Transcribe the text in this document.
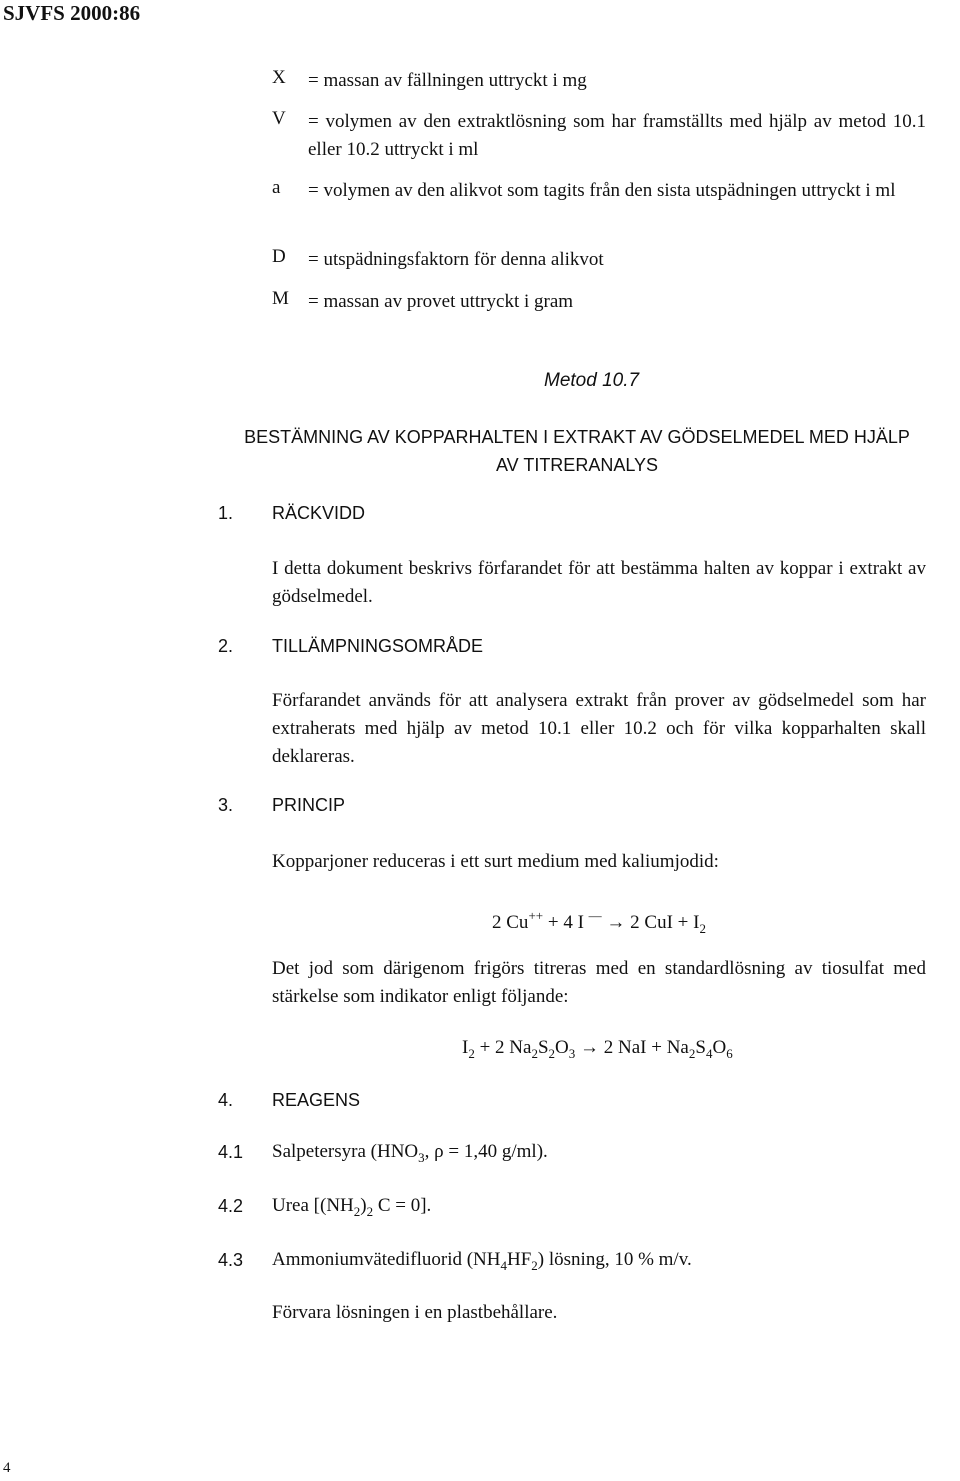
SJVFS 2000:86
X = massan av fällningen uttryckt i mg
V = volymen av den extraktlösning som har framställts med hjälp av metod 10.1 eller 10.2 uttryckt i ml
a = volymen av den alikvot som tagits från den sista utspädningen uttryckt i ml
D = utspädningsfaktorn för denna alikvot
M = massan av provet uttryckt i gram
Metod 10.7
BESTÄMNING AV KOPPARHALTEN I EXTRAKT AV GÖDSELMEDEL MED HJÄLP AV TITRERANALYS
1. RÄCKVIDD
I detta dokument beskrivs förfarandet för att bestämma halten av koppar i extrakt av gödselmedel.
2. TILLÄMPNINGSOMRÅDE
Förfarandet används för att analysera extrakt från prover av gödselmedel som har extraherats med hjälp av metod 10.1 eller 10.2 och för vilka kopparhalten skall deklareras.
3. PRINCIP
Kopparjoner reduceras i ett surt medium med kaliumjodid:
2 Cu++ + 4 I — → 2 CuI + $I_2$
Det jod som därigenom frigörs titreras med en standardlösning av tiosulfat med stärkelse som indikator enligt följande:
$I_2 + 2$ $Na_2S_2O_3 \to 2$ NaI + $Na_2S_4O_6$
4. REAGENS
4.1 Salpetersyra ($HNO_3$, ρ = 1,40 g/ml).
4.2 Urea [$(NH_2)_2$ C = 0].
4.3 Ammoniumvätedifluorid $(NH_4HF_2)$ lösning, 10 % m/v.
Förvara lösningen i en plastbehållare.
4
